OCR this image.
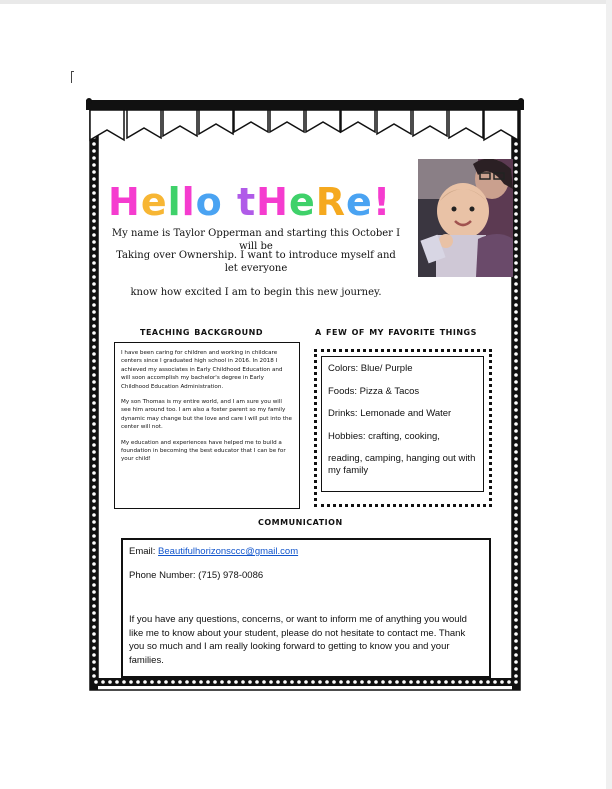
Hello tHeRe!
My name is Taylor Opperman and starting this October I will be
Taking over Ownership. I want to introduce myself and let everyone
know how excited I am to begin this new journey.
teaching background	a few of my favorite things
communication

I have been caring for children and working in childcare centers since I graduated high school in 2016. In 2018 I achieved my associates in Early Childhood Education and will soon accomplish my bachelor's degree in Early Childhood Education Administration.

My son Thomas is my entire world, and I am sure you will see him around too. I am also a foster parent so my family dynamic may change but the love and care I will put into the center will not.

My education and experiences have helped me to build a foundation in becoming the best educator that I can be for your child!

Colors: Blue/ Purple
Foods: Pizza & Tacos
Drinks: Lemonade and Water
Hobbies: crafting, cooking,
reading, camping, hanging out with my family
Email: Beautifulhorizonsccc@gmail.com
Phone Number: (715) 978-0086
If you have any questions, concerns, or want to inform me of anything you would like me to know about your student, please do not hesitate to contact me. Thank you so much and I am really looking forward to getting to know you and your families.
